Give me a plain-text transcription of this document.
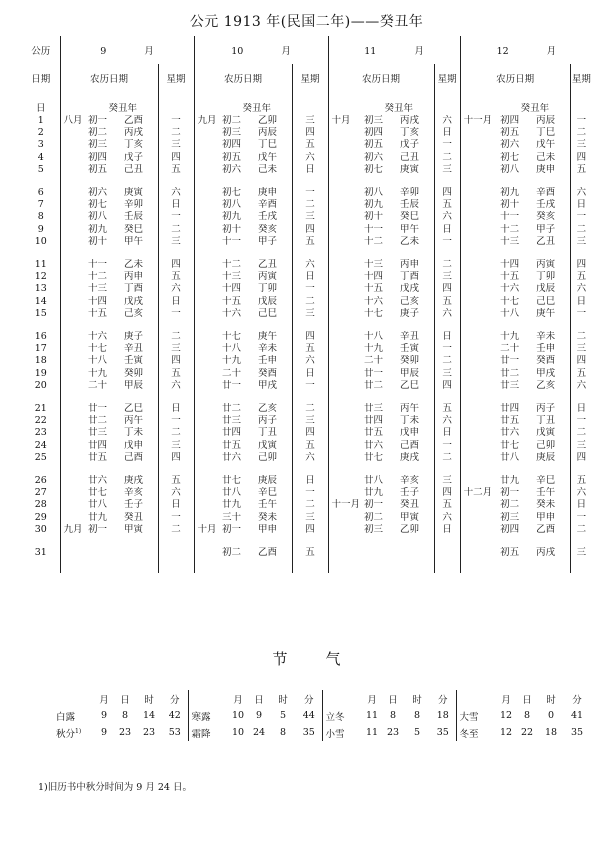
公元 1913 年(民国二年)——癸丑年
公历	9 月				10 月				11 月				12 月			
日期	农历日期			星期	农历日期			星期	农历日期			星期	农历日期			星期

日		癸丑年				癸丑年				癸丑年				癸丑年		
1	八月	初一	乙酉	一	九月	初二	乙卯	三	十月	初三	丙戌	六	十一月	初四	丙辰	一
2		初二	丙戌	二		初三	丙辰	四		初四	丁亥	日		初五	丁巳	二
3		初三	丁亥	三		初四	丁巳	五		初五	戊子	一		初六	戊午	三
4		初四	戊子	四		初五	戊午	六		初六	己丑	二		初七	己未	四
5		初五	己丑	五		初六	己未	日		初七	庚寅	三		初八	庚申	五

6		初六	庚寅	六		初七	庚申	一		初八	辛卯	四		初九	辛酉	六
7		初七	辛卯	日		初八	辛酉	二		初九	壬辰	五		初十	壬戌	日
8		初八	壬辰	一		初九	壬戌	三		初十	癸巳	六		十一	癸亥	一
9		初九	癸巳	二		初十	癸亥	四		十一	甲午	日		十二	甲子	二
10		初十	甲午	三		十一	甲子	五		十二	乙未	一		十三	乙丑	三

11		十一	乙未	四		十二	乙丑	六		十三	丙申	二		十四	丙寅	四
12		十二	丙申	五		十三	丙寅	日		十四	丁酉	三		十五	丁卯	五
13		十三	丁酉	六		十四	丁卯	一		十五	戊戌	四		十六	戊辰	六
14		十四	戊戌	日		十五	戊辰	二		十六	己亥	五		十七	己巳	日
15		十五	己亥	一		十六	己巳	三		十七	庚子	六		十八	庚午	一

16		十六	庚子	二		十七	庚午	四		十八	辛丑	日		十九	辛未	二
17		十七	辛丑	三		十八	辛未	五		十九	壬寅	一		二十	壬申	三
18		十八	壬寅	四		十九	壬申	六		二十	癸卯	二		廿一	癸酉	四
19		十九	癸卯	五		二十	癸酉	日		廿一	甲辰	三		廿二	甲戌	五
20		二十	甲辰	六		廿一	甲戌	一		廿二	乙巳	四		廿三	乙亥	六

21		廿一	乙巳	日		廿二	乙亥	二		廿三	丙午	五		廿四	丙子	日
22		廿二	丙午	一		廿三	丙子	三		廿四	丁未	六		廿五	丁丑	一
23		廿三	丁未	二		廿四	丁丑	四		廿五	戊申	日		廿六	戊寅	二
24		廿四	戊申	三		廿五	戊寅	五		廿六	己酉	一		廿七	己卯	三
25		廿五	己酉	四		廿六	己卯	六		廿七	庚戌	二		廿八	庚辰	四

26		廿六	庚戌	五		廿七	庚辰	日		廿八	辛亥	三		廿九	辛巳	五
27		廿七	辛亥	六		廿八	辛巳	一		廿九	壬子	四	十二月	初一	壬午	六
28		廿八	壬子	日		廿九	壬午	二	十一月	初一	癸丑	五		初二	癸未	日
29		廿九	癸丑	一		三十	癸未	三		初二	甲寅	六		初三	甲申	一
30	九月	初一	甲寅	二	十月	初一	甲申	四		初三	乙卯	日		初四	乙酉	二

31						初二	乙酉	五						初五	丙戌	三

节气
	月	日	时	分		月	日	时	分		月	日	时	分		月	日	时	分
白露	9	8	14	42	寒露	10	9	5	44	立冬	11	8	8	18	大雪	12	8	0	41
秋分$^{1)}$	9	23	23	53	霜降	10	24	8	35	小雪	11	23	5	35	冬至	12	22	18	35
1)旧历书中秋分时间为 9 月 24 日。
